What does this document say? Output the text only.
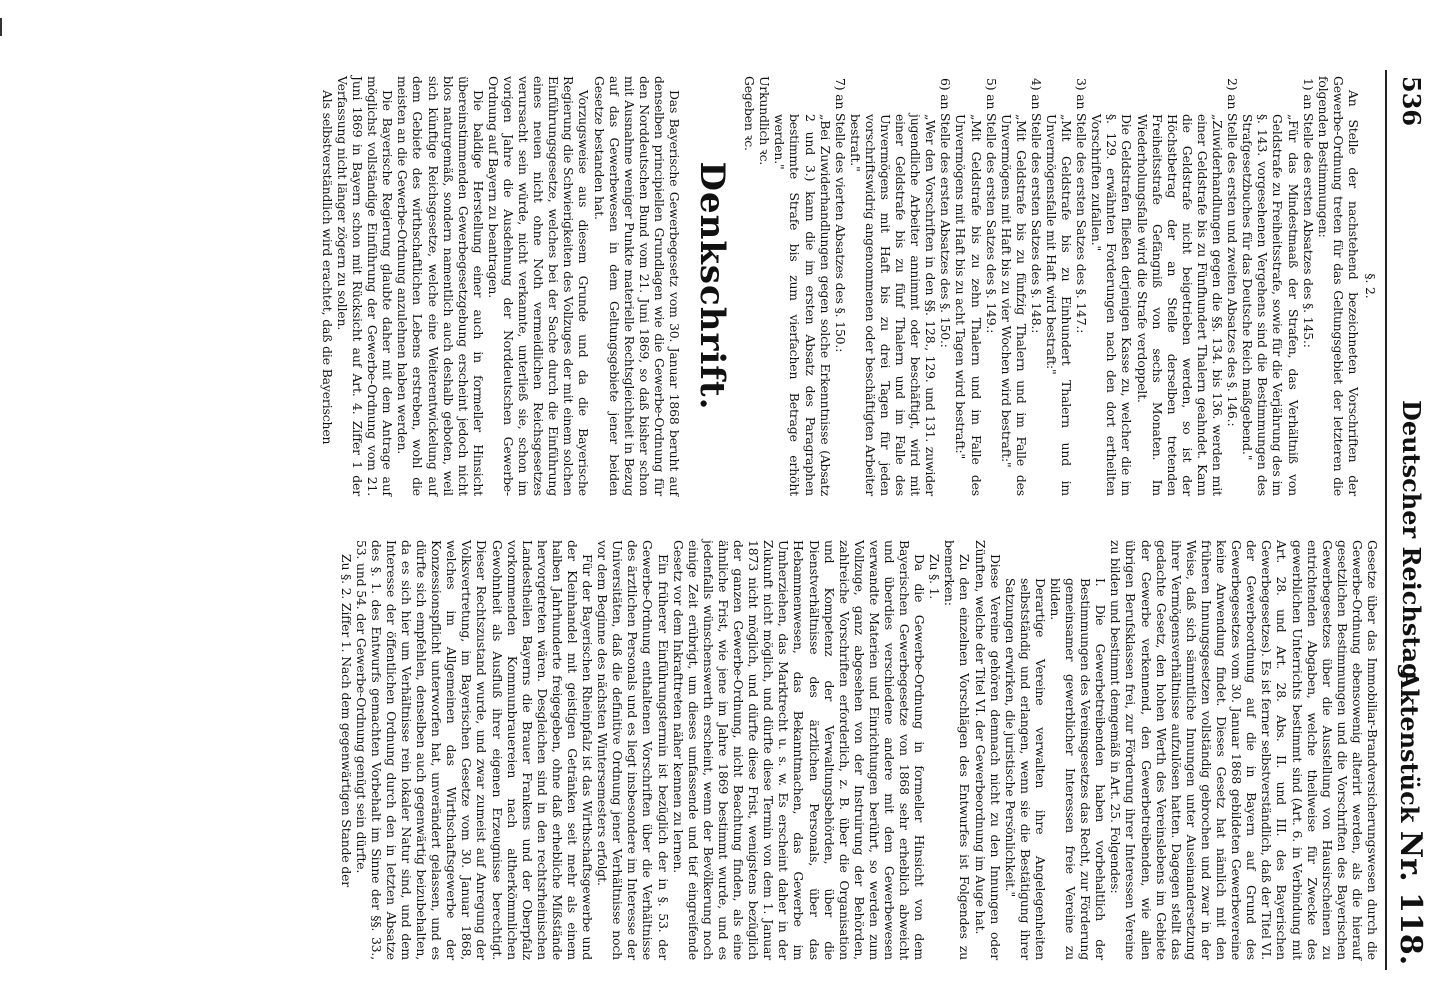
536
Deutscher Reichstag.
Aktenstück Nr. 118.

§. 2.

An Stelle der nachstehend bezeichneten Vorschriften der Gewerbe-Ordnung treten für das Geltungsgebiet der letzteren die folgenden Bestimmungen:

1) an Stelle des ersten Absatzes des §. 145.:

„Für das Mindestmaaß der Strafen, das Verhältniß von Geldstrafe zu Freiheitsstrafe, sowie für die Verjährung des im §. 143. vorgesehenen Vergehens sind die Bestimmungen des Strafgesetzbuches für das Deutsche Reich maßgebend."

2) an Stelle des ersten und zweiten Absatzes des §. 146.:

„Zuwiderhandlungen gegen die §§. 134. bis 136. werden mit einer Geldstrafe bis zu Fünfhundert Thalern geahndet. Kann die Geldstrafe nicht beigetrieben werden, so ist der Höchstbetrag der an Stelle derselben tretenden Freiheitsstrafe Gefängniß von sechs Monaten. Im Wiederholungsfalle wird die Strafe verdoppelt.

Die Geldstrafen fließen derjenigen Kasse zu, welcher die im §. 129. erwähnten Forderungen nach den dort ertheilten Vorschriften zufallen."

3) an Stelle des ersten Satzes des §. 147.:

„Mit Geldstrafe bis zu Einhundert Thalern und im Unvermögensfalle mit Haft wird bestraft:"

4) an Stelle des ersten Satzes des §. 148.:

„Mit Geldstrafe bis zu fünfzig Thalern und im Falle des Unvermögens mit Haft bis zu vier Wochen wird bestraft:"

5) an Stelle des ersten Satzes des §. 149.:

„Mit Geldstrafe bis zu zehn Thalern und im Falle des Unvermögens mit Haft bis zu acht Tagen wird bestraft:"

6) an Stelle des ersten Absatzes des §. 150.:

„Wer den Vorschriften in den §§. 128., 129. und 131. zuwider jugendliche Arbeiter annimmt oder beschäftigt, wird mit einer Geldstrafe bis zu fünf Thalern und im Falle des Unvermögens mit Haft bis zu drei Tagen für jeden vorschriftswidrig angenommenen oder beschäftigten Arbeiter bestraft."

7) an Stelle des vierten Absatzes des §. 150.:

„Bei Zuwiderhandlungen gegen solche Erkenntnisse (Absatz 2 und 3.) kann die im ersten Absatz des Paragraphen bestimmte Strafe bis zum vierfachen Betrage erhöht werden."

Urkundlich ꝛc.

Gegeben ꝛc.

Denkschrift.

Das Bayerische Gewerbegesetz vom 30. Januar 1868 beruht auf denselben principiellen Grundlagen wie die Gewerbe-Ordnung für den Norddeutschen Bund vom 21. Juni 1869, so daß bisher schon mit Ausnahme weniger Punkte materielle Rechtsgleichheit in Bezug auf das Gewerbewesen in dem Geltungsgebiete jener beiden Gesetze bestanden hat.

Vorzugsweise aus diesem Grunde und da die Bayerische Regierung die Schwierigkeiten des Vollzuges der mit einem solchen Einführungsgesetze, welches bei der Sache durch die Einführung eines neuen nicht ohne Noth vermeidlichen Reichsgesetzes verursacht sein würde, nicht verkannte, unterließ sie, schon im vorigen Jahre die Ausdehnung der Norddeutschen Gewerbe-Ordnung auf Bayern zu beantragen.

Die baldige Herstellung einer auch in formeller Hinsicht übereinstimmenden Gewerbegesetzgebung erscheint jedoch nicht blos naturgemäß, sondern namentlich auch deshalb geboten, weil sich künftige Reichsgesetze, welche eine Weiterentwickelung auf dem Gebiete des wirthschaftlichen Lebens erstreben, wohl die meisten an die Gewerbe-Ordnung anzulehnen haben werden.

Die Bayerische Regierung glaubte daher mit dem Antrage auf möglichst vollständige Einführung der Gewerbe-Ordnung vom 21. Juni 1869 in Bayern schon mit Rücksicht auf Art. 4. Ziffer 1 der Verfassung nicht länger zögern zu sollen.

Als selbstverständlich wird erachtet, daß die Bayerischen

Gesetze über das Immobiliar-Brandversicherungswesen durch die Gewerbe-Ordnung ebensowenig alterirt werden, als die hierauf gesetzlichen Bestimmungen und die Vorschriften des Bayerischen Gewerbegesetzes über die Ausstellung von Hausirscheinen zu entrichtenden Abgaben, welche theilweise für Zwecke des gewerblichen Unterrichts bestimmt sind (Art. 6. in Verbindung mit Art. 28. und Art. 28. Abs. II. und III. des Bayerischen Gewerbegesetzes). Es ist ferner selbstverständlich, daß der Titel VI. der Gewerbeordnung auf die in Bayern auf Grund des Gewerbegesetzes vom 30. Januar 1868 gebildeten Gewerbevereine keine Anwendung findet. Dieses Gesetz hat nämlich mit den früheren Innungsgesetzen vollständig gebrochen und zwar in der Weise, daß sich sämmtliche Innungen unter Auseinandersetzung ihrer Vermögensverhältnisse aufzulösen hatten. Dagegen stellt das gedachte Gesetz, den hohen Werth des Vereinslebens im Gebiete der Gewerbe verkennend, den Gewerbetreibenden, wie allen übrigen Berufsklassen frei, zur Förderung ihrer Interessen Vereine zu bilden und bestimmt demgemäß in Art. 25. Folgendes:

I. Die Gewerbetreibenden haben vorbehaltlich der Bestimmungen des Vereinsgesetzes das Recht, zur Förderung gemeinsamer gewerblicher Interessen freie Vereine zu bilden.

Derartige Vereine verwalten ihre Angelegenheiten selbstständig und erlangen, wenn sie die Bestätigung ihrer Satzungen erwirken, die juristische Persönlichkeit."

Diese Vereine gehören demnach nicht zu den Innungen oder Zünften, welche der Titel VI. der Gewerbeordnung im Auge hat.

Zu den einzelnen Vorschlägen des Entwurfes ist Folgendes zu bemerken:

Zu §. 1.

Da die Gewerbe-Ordnung in formeller Hinsicht von dem Bayerischen Gewerbegesetze von 1868 sehr erheblich abweicht und überdies verschiedene andere mit dem Gewerbewesen verwandte Materien und Einrichtungen berührt, so werden zum Vollzuge, ganz abgesehen von der Instruirung der Behörden, zahlreiche Vorschriften erforderlich, z. B. über die Organisation und Kompetenz der Verwaltungsbehörden, über die Dienstverhältnisse des ärztlichen Personals, über das Hebammenwesen, das Bekanntmachen, das Gewerbe im Umherziehen, das Marktrecht u. s. w. Es erscheint daher in der Zukunft nicht möglich, und dürfte diese Termin von dem 1. Januar 1873 nicht möglich, und dürfte diese Frist, wenigstens bezüglich der ganzen Gewerbe-Ordnung, nicht Beachtung finden, als eine ähnliche Frist, wie jene im Jahre 1869 bestimmt wurde, und es jedenfalls wünschenswerth erscheint, wenn der Bevölkerung noch einige Zeit erübrigt, um dieses umfassende und tief eingreifende Gesetz vor dem Inkrafttreten näher kennen zu lernen.

Ein früherer Einführungstermin ist bezüglich der in §. 53. der Gewerbe-Ordnung enthaltenen Vorschriften über die Verhältnisse des ärztlichen Personals und es liegt insbesondere im Interesse der Universitäten, daß die definitive Ordnung jener Verhältnisse noch vor dem Beginne des nächsten Wintersemesters erfolgt.

Für der Bayerischen Rheinpfalz ist das Wirthschaftsgewerbe und der Kleinhandel mit geistigen Getränken seit mehr als einem halben Jahrhunderte freigegeben, ohne daß erhebliche Mißstände hervorgetreten wären. Desgleichen sind in den rechtsrheinischen Landestheilen Bayerns die Brauer Frankens und der Oberpfalz vorkommenden Kommunbrauereien nach altherkömmlichen Gewohnheit als Ausfluß ihrer eigenen Erzeugnisse berechtigt. Dieser Rechtszustand wurde, und zwar zumeist auf Anregung der Volksvertretung, im Bayerischen Gesetze vom 30. Januar 1868, welches im Allgemeinen das Wirthschaftsgewerbe der Konzessionspflicht unterworfen hat, unverändert gelassen, und es dürfte sich empfehlen, denselben auch gegenwärtig beizubehalten, da es sich hier um Verhältnisse rein lokaler Natur sind, und dem Interesse der öffentlichen Ordnung durch den in letzten Absatze des §. 1. des Entwurfs gemachten Vorbehalt im Sinne der §§. 33., 53. und 54. der Gewerbe-Ordnung genügt sein dürfte.

Zu §. 2. Ziffer 1. Nach dem gegenwärtigen Stande der
